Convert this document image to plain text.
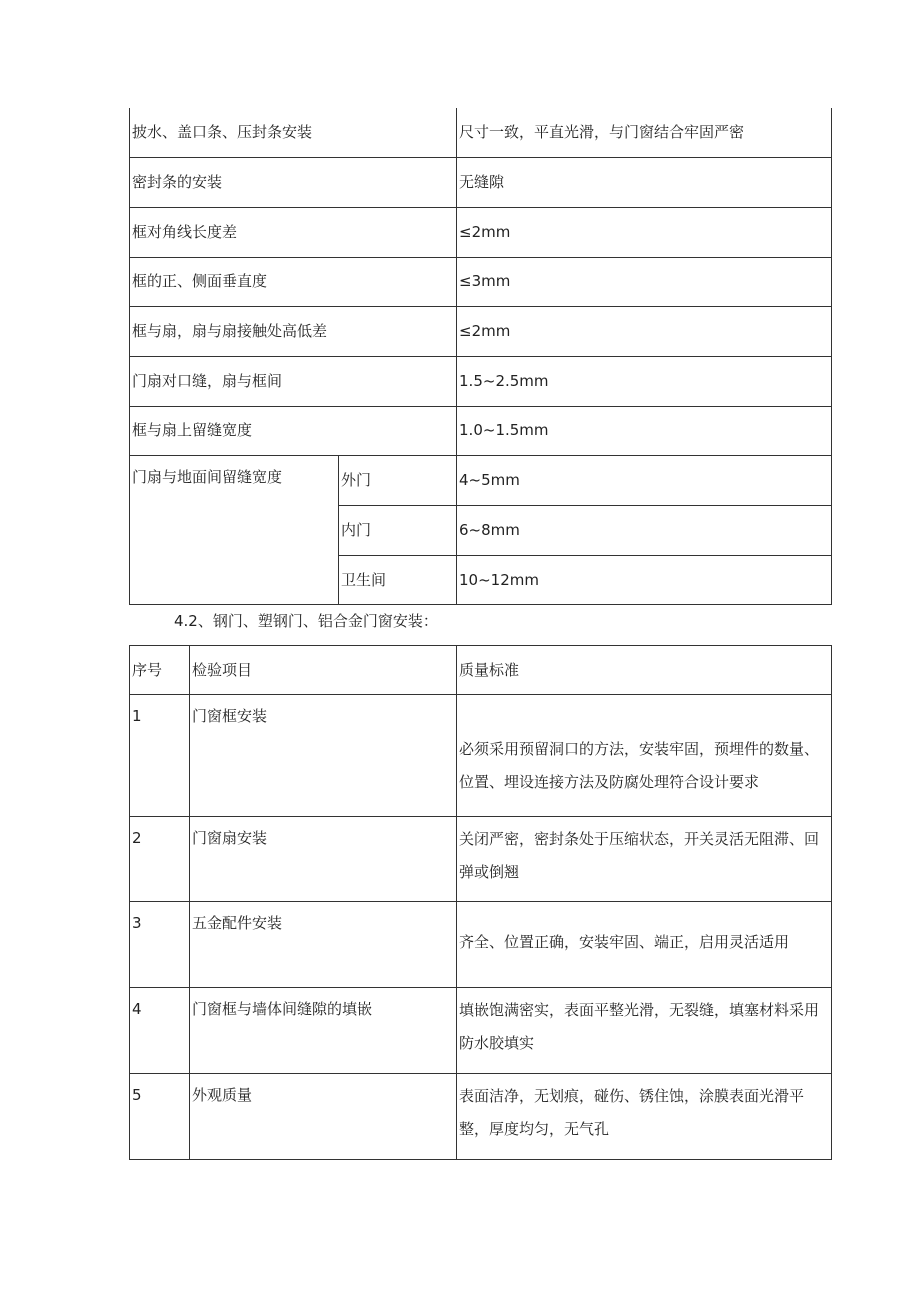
披水、盖口条、压封条安装		尺寸一致，平直光滑，与门窗结合牢固严密
密封条的安装		无缝隙
框对角线长度差		≤2mm
框的正、侧面垂直度		≤3mm
框与扇，扇与扇接触处高低差		≤2mm
门扇对口缝，扇与框间		1.5~2.5mm
框与扇上留缝宽度		1.0~1.5mm
门扇与地面间留缝宽度	外门	4~5mm
	内门	6~8mm
	卫生间	10~12mm

4.2、钢门、塑钢门、铝合金门窗安装：

序号	检验项目	质量标准
1	门窗框安装	必须采用预留洞口的方法，安装牢固，预埋件的数量、位置、埋设连接方法及防腐处理符合设计要求
2	门窗扇安装	关闭严密，密封条处于压缩状态，开关灵活无阻滞、回弹或倒翘
3	五金配件安装	齐全、位置正确，安装牢固、端正，启用灵活适用
4	门窗框与墙体间缝隙的填嵌	填嵌饱满密实，表面平整光滑，无裂缝，填塞材料采用防水胶填实
5	外观质量	表面洁净，无划痕，碰伤、锈住蚀，涂膜表面光滑平整，厚度均匀，无气孔
